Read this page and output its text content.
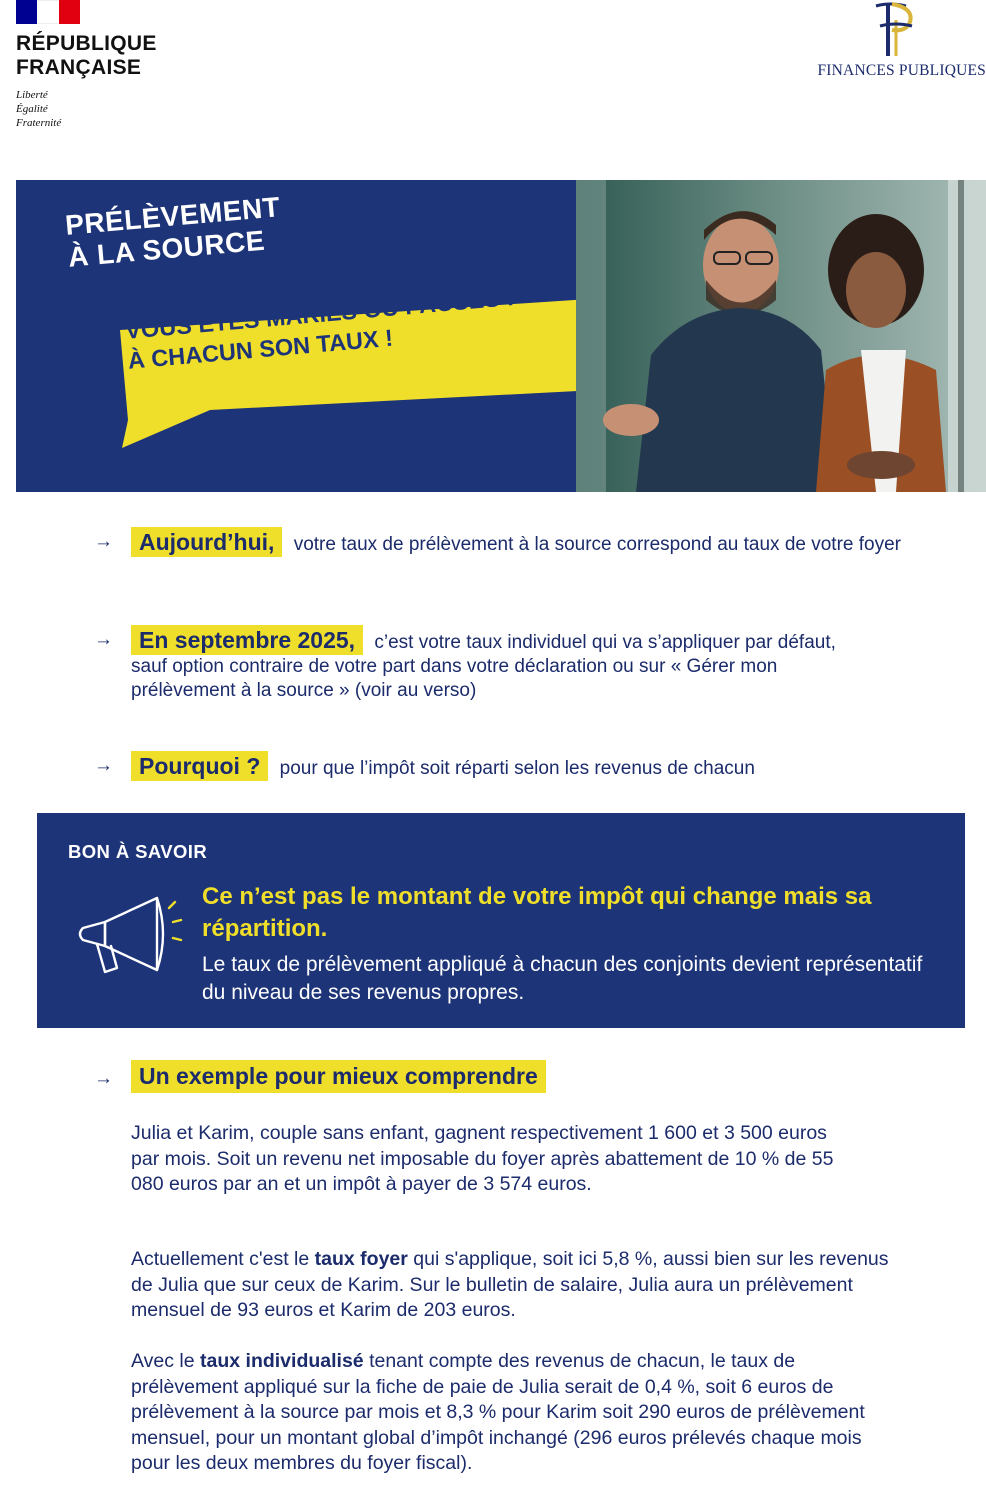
RÉPUBLIQUE
FRANÇAISE
Liberté
Égalité
Fraternité
FINANCES PUBLIQUES
PRÉLÈVEMENT
À LA SOURCE
VOUS ÊTES MARIÉS OU PACSÉS :
À CHACUN SON TAUX !
→	Aujourd’hui, votre taux de prélèvement à la source correspond au taux de votre foyer
→	En septembre 2025, c’est votre taux individuel qui va s’appliquer par défaut, sauf option contraire de votre part dans votre déclaration ou sur « Gérer mon prélèvement à la source » (voir au verso)
→	Pourquoi ? pour que l’impôt soit réparti selon les revenus de chacun
BON À SAVOIR
Ce n’est pas le montant de votre impôt qui change mais sa répartition.
Le taux de prélèvement appliqué à chacun des conjoints devient représentatif du niveau de ses revenus propres.
→	Un exemple pour mieux comprendre

Julia et Karim, couple sans enfant, gagnent respectivement 1 600 et 3 500 euros par mois. Soit un revenu net imposable du foyer après abattement de 10 % de 55 080 euros par an et un impôt à payer de 3 574 euros.

Actuellement c'est le taux foyer qui s'applique, soit ici 5,8 %, aussi bien sur les revenus de Julia que sur ceux de Karim. Sur le bulletin de salaire, Julia aura un prélèvement mensuel de 93 euros et Karim de 203 euros.

Avec le taux individualisé tenant compte des revenus de chacun, le taux de prélèvement appliqué sur la fiche de paie de Julia serait de 0,4 %, soit 6 euros de prélèvement à la source par mois et 8,3 % pour Karim soit 290 euros de prélèvement mensuel, pour un montant global d’impôt inchangé (296 euros prélevés chaque mois pour les deux membres du foyer fiscal).
